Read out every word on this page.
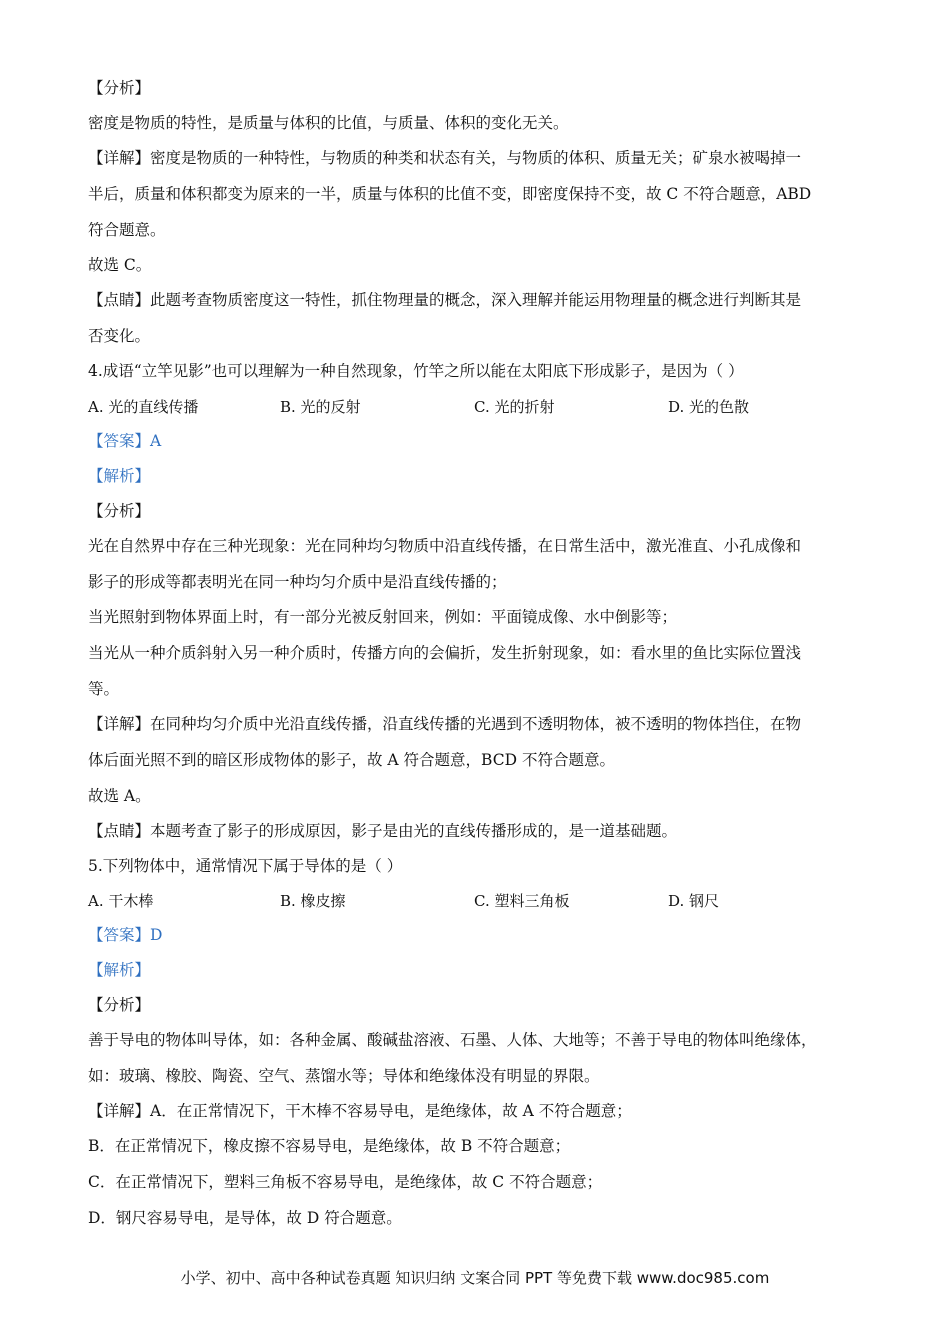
【分析】
密度是物质的特性，是质量与体积的比值，与质量、体积的变化无关。
【详解】密度是物质的一种特性，与物质的种类和状态有关，与物质的体积、质量无关；矿泉水被喝掉一
半后，质量和体积都变为原来的一半，质量与体积的比值不变，即密度保持不变，故 C 不符合题意，ABD
符合题意。
故选 C。
【点睛】此题考查物质密度这一特性，抓住物理量的概念，深入理解并能运用物理量的概念进行判断其是
否变化。
4.成语“立竿见影”也可以理解为一种自然现象，竹竿之所以能在太阳底下形成影子，是因为（ ）
A. 光的直线传播	B. 光的反射	C. 光的折射	D. 光的色散
【答案】A
【解析】
【分析】
光在自然界中存在三种光现象：光在同种均匀物质中沿直线传播，在日常生活中，激光准直、小孔成像和
影子的形成等都表明光在同一种均匀介质中是沿直线传播的；
当光照射到物体界面上时，有一部分光被反射回来，例如：平面镜成像、水中倒影等；
当光从一种介质斜射入另一种介质时，传播方向的会偏折，发生折射现象，如：看水里的鱼比实际位置浅
等。
【详解】在同种均匀介质中光沿直线传播，沿直线传播的光遇到不透明物体，被不透明的物体挡住，在物
体后面光照不到的暗区形成物体的影子，故 A 符合题意，BCD 不符合题意。
故选 A。
【点睛】本题考查了影子的形成原因，影子是由光的直线传播形成的，是一道基础题。
5.下列物体中，通常情况下属于导体的是（ ）
A. 干木棒	B. 橡皮擦	C. 塑料三角板	D. 钢尺
【答案】D
【解析】
【分析】
善于导电的物体叫导体，如：各种金属、酸碱盐溶液、石墨、人体、大地等；不善于导电的物体叫绝缘体，
如：玻璃、橡胶、陶瓷、空气、蒸馏水等；导体和绝缘体没有明显的界限。
【详解】A．在正常情况下，干木棒不容易导电，是绝缘体，故 A 不符合题意；
B．在正常情况下，橡皮擦不容易导电，是绝缘体，故 B 不符合题意；
C．在正常情况下，塑料三角板不容易导电，是绝缘体，故 C 不符合题意；
D．钢尺容易导电，是导体，故 D 符合题意。
小学、初中、高中各种试卷真题 知识归纳 文案合同 PPT 等免费下载 www.doc985.com
